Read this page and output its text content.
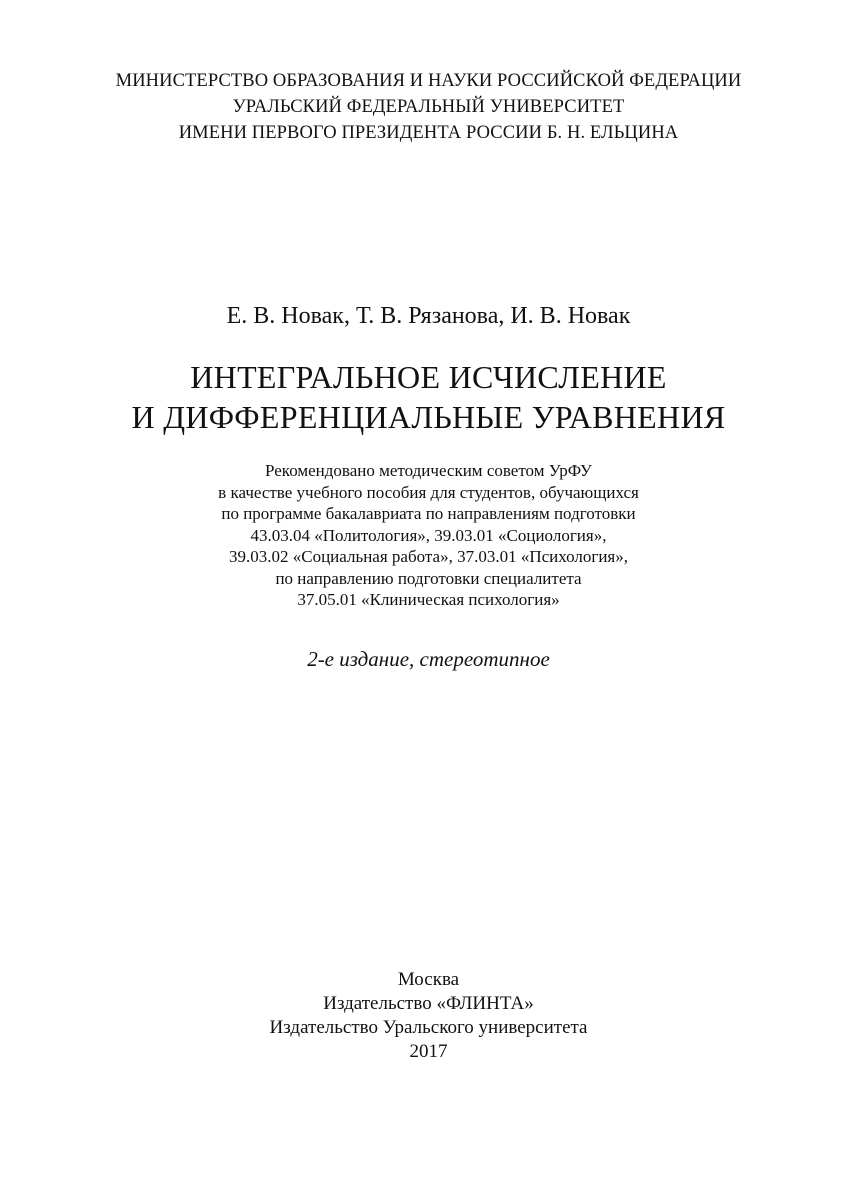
МИНИСТЕРСТВО ОБРАЗОВАНИЯ И НАУКИ РОССИЙСКОЙ ФЕДЕРАЦИИ
УРАЛЬСКИЙ ФЕДЕРАЛЬНЫЙ УНИВЕРСИТЕТ
ИМЕНИ ПЕРВОГО ПРЕЗИДЕНТА РОССИИ Б. Н. ЕЛЬЦИНА
Е. В. Новак, Т. В. Рязанова, И. В. Новак
ИНТЕГРАЛЬНОЕ ИСЧИСЛЕНИЕ
И ДИФФЕРЕНЦИАЛЬНЫЕ УРАВНЕНИЯ
Рекомендовано методическим советом УрФУ
в качестве учебного пособия для студентов, обучающихся
по программе бакалавриата по направлениям подготовки
43.03.04 «Политология», 39.03.01 «Социология»,
39.03.02 «Социальная работа», 37.03.01 «Психология»,
по направлению подготовки специалитета
37.05.01 «Клиническая психология»
2-е издание, стереотипное
Москва
Издательство «ФЛИНТА»
Издательство Уральского университета
2017
